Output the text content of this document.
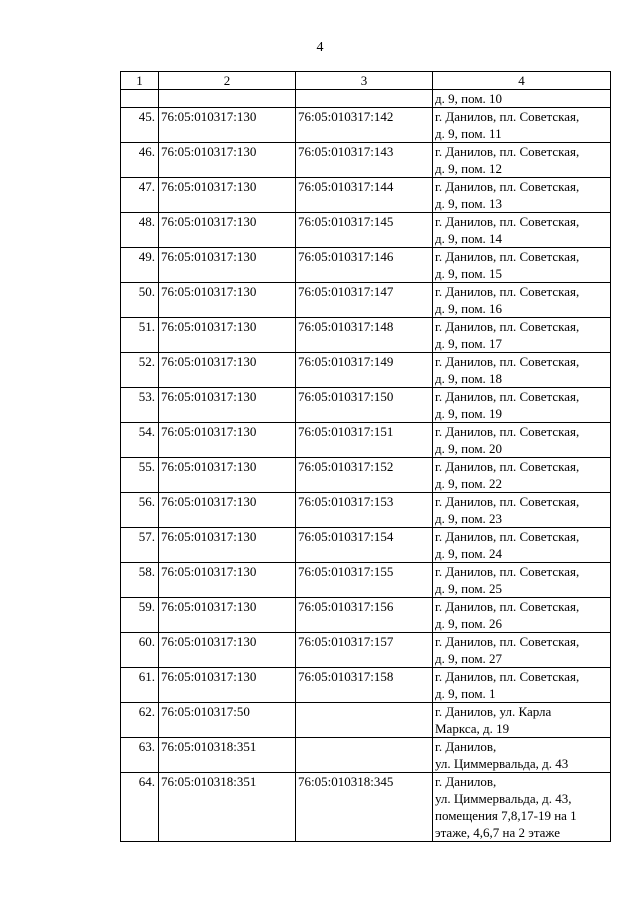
4
1	2	3	4

			д. 9, пом. 10

45.	76:05:010317:130	76:05:010317:142	г. Данилов, пл. Советская,
д. 9, пом. 11

46.	76:05:010317:130	76:05:010317:143	г. Данилов, пл. Советская,
д. 9, пом. 12

47.	76:05:010317:130	76:05:010317:144	г. Данилов, пл. Советская,
д. 9, пом. 13

48.	76:05:010317:130	76:05:010317:145	г. Данилов, пл. Советская,
д. 9, пом. 14

49.	76:05:010317:130	76:05:010317:146	г. Данилов, пл. Советская,
д. 9, пом. 15

50.	76:05:010317:130	76:05:010317:147	г. Данилов, пл. Советская,
д. 9, пом. 16

51.	76:05:010317:130	76:05:010317:148	г. Данилов, пл. Советская,
д. 9, пом. 17

52.	76:05:010317:130	76:05:010317:149	г. Данилов, пл. Советская,
д. 9, пом. 18

53.	76:05:010317:130	76:05:010317:150	г. Данилов, пл. Советская,
д. 9, пом. 19

54.	76:05:010317:130	76:05:010317:151	г. Данилов, пл. Советская,
д. 9, пом. 20

55.	76:05:010317:130	76:05:010317:152	г. Данилов, пл. Советская,
д. 9, пом. 22

56.	76:05:010317:130	76:05:010317:153	г. Данилов, пл. Советская,
д. 9, пом. 23

57.	76:05:010317:130	76:05:010317:154	г. Данилов, пл. Советская,
д. 9, пом. 24

58.	76:05:010317:130	76:05:010317:155	г. Данилов, пл. Советская,
д. 9, пом. 25

59.	76:05:010317:130	76:05:010317:156	г. Данилов, пл. Советская,
д. 9, пом. 26

60.	76:05:010317:130	76:05:010317:157	г. Данилов, пл. Советская,
д. 9, пом. 27

61.	76:05:010317:130	76:05:010317:158	г. Данилов, пл. Советская,
д. 9, пом. 1

62.	76:05:010317:50		г. Данилов, ул. Карла
Маркса, д. 19

63.	76:05:010318:351		г. Данилов,
ул. Циммервальда, д. 43

64.	76:05:010318:351	76:05:010318:345	г. Данилов,
ул. Циммервальда, д. 43,
помещения 7,8,17-19 на 1
этаже, 4,6,7 на 2 этаже
